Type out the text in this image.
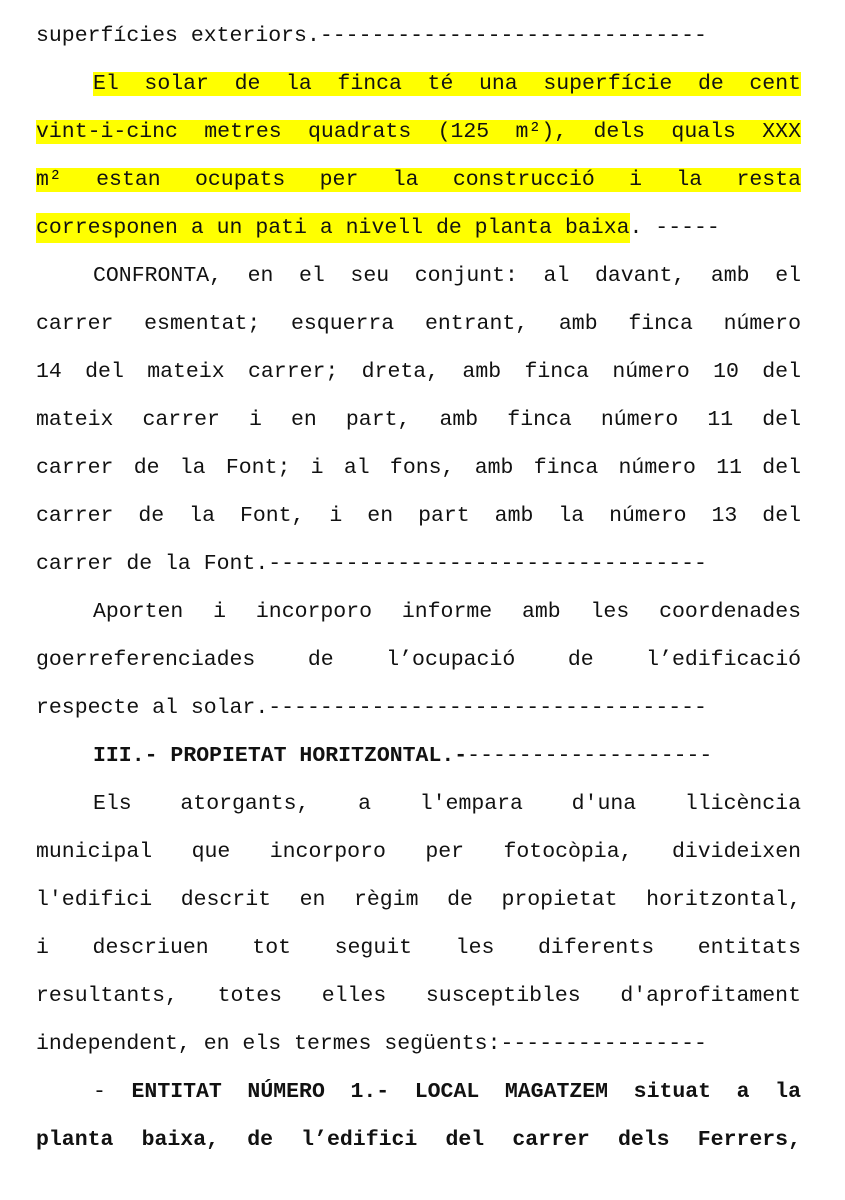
superfícies exteriors. ------------------------------
El solar de la finca té una superfície de cent
vint-i-cinc metres quadrats (125 m²), dels quals XXX
m² estan ocupats per la construcció i la resta
corresponen a un pati a nivell de planta baixa . -----
CONFRONTA, en el seu conjunt: al davant, amb el
carrer esmentat; esquerra entrant, amb finca número
14 del mateix carrer; dreta, amb finca número 10 del
mateix carrer i en part, amb finca número 11 del
carrer de la Font; i al fons, amb finca número 11 del
carrer de la Font, i en part amb la número 13 del
carrer de la Font. ----------------------------------
Aporten i incorporo informe amb les coordenades
goerreferenciades de l’ocupació de l’edificació
respecte al solar. ----------------------------------
III.- PROPIETAT HORITZONTAL.- -------------------
Els atorgants, a l'empara d'una llicència
municipal que incorporo per fotocòpia, divideixen
l'edifici descrit en règim de propietat horitzontal,
i descriuen tot seguit les diferents entitats
resultants, totes elles susceptibles d'aprofitament
independent, en els termes següents: ----------------
- ENTITAT NÚMERO 1.- LOCAL MAGATZEM situat a la
planta baixa, de l’edifici del carrer dels Ferrers,
